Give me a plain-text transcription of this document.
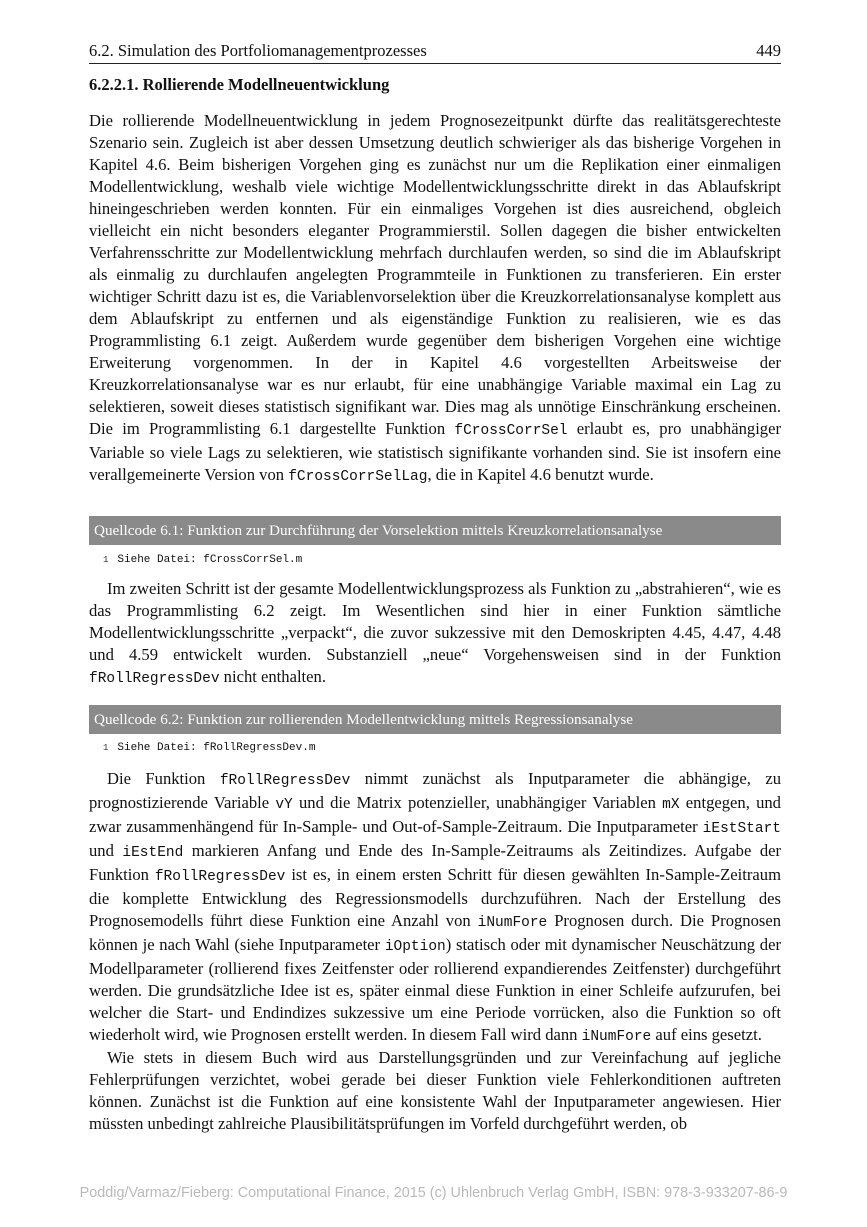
6.2. Simulation des Portfoliomanagementprozesses	449
6.2.2.1. Rollierende Modellneuentwicklung
Die rollierende Modellneuentwicklung in jedem Prognosezeitpunkt dürfte das realitätsgerechteste Szenario sein. Zugleich ist aber dessen Umsetzung deutlich schwieriger als das bisherige Vorgehen in Kapitel 4.6. Beim bisherigen Vorgehen ging es zunächst nur um die Replikation einer einmaligen Modellentwicklung, weshalb viele wichtige Modellentwicklungsschritte direkt in das Ablaufskript hineingeschrieben werden konnten. Für ein einmaliges Vorgehen ist dies ausreichend, obgleich vielleicht ein nicht besonders eleganter Programmierstil. Sollen dagegen die bisher entwickelten Verfahrensschritte zur Modellentwicklung mehrfach durchlaufen werden, so sind die im Ablaufskript als einmalig zu durchlaufen angelegten Programmteile in Funktionen zu transferieren. Ein erster wichtiger Schritt dazu ist es, die Variablenvorselektion über die Kreuzkorrelationsanalyse komplett aus dem Ablaufskript zu entfernen und als eigenständige Funktion zu realisieren, wie es das Programmlisting 6.1 zeigt. Außerdem wurde gegenüber dem bisherigen Vorgehen eine wichtige Erweiterung vorgenommen. In der in Kapitel 4.6 vorgestellten Arbeitsweise der Kreuzkorrelationsanalyse war es nur erlaubt, für eine unabhängige Variable maximal ein Lag zu selektieren, soweit dieses statistisch signifikant war. Dies mag als unnötige Einschränkung erscheinen. Die im Programmlisting 6.1 dargestellte Funktion fCrossCorrSel erlaubt es, pro unabhängiger Variable so viele Lags zu selektieren, wie statistisch signifikante vorhanden sind. Sie ist insofern eine verallgemeinerte Version von fCrossCorrSelLag, die in Kapitel 4.6 benutzt wurde.
Quellcode 6.1: Funktion zur Durchführung der Vorselektion mittels Kreuzkorrelationsanalyse
1 Siehe Datei: fCrossCorrSel.m
Im zweiten Schritt ist der gesamte Modellentwicklungsprozess als Funktion zu „abstrahieren“, wie es das Programmlisting 6.2 zeigt. Im Wesentlichen sind hier in einer Funktion sämtliche Modellentwicklungsschritte „verpackt“, die zuvor sukzessive mit den Demoskripten 4.45, 4.47, 4.48 und 4.59 entwickelt wurden. Substanziell „neue“ Vorgehensweisen sind in der Funktion fRollRegressDev nicht enthalten.
Quellcode 6.2: Funktion zur rollierenden Modellentwicklung mittels Regressionsanalyse
1 Siehe Datei: fRollRegressDev.m
Die Funktion fRollRegressDev nimmt zunächst als Inputparameter die abhängige, zu prognostizierende Variable vY und die Matrix potenzieller, unabhängiger Variablen mX entgegen, und zwar zusammenhängend für In-Sample- und Out-of-Sample-Zeitraum. Die Inputparameter iEstStart und iEstEnd markieren Anfang und Ende des In-Sample-Zeitraums als Zeitindizes. Aufgabe der Funktion fRollRegressDev ist es, in einem ersten Schritt für diesen gewählten In-Sample-Zeitraum die komplette Entwicklung des Regressionsmodells durchzuführen. Nach der Erstellung des Prognosemodells führt diese Funktion eine Anzahl von iNumFore Prognosen durch. Die Prognosen können je nach Wahl (siehe Inputparameter iOption) statisch oder mit dynamischer Neuschätzung der Modellparameter (rollierend fixes Zeitfenster oder rollierend expandierendes Zeitfenster) durchgeführt werden. Die grundsätzliche Idee ist es, später einmal diese Funktion in einer Schleife aufzurufen, bei welcher die Start- und Endindizes sukzessive um eine Periode vorrücken, also die Funktion so oft wiederholt wird, wie Prognosen erstellt werden. In diesem Fall wird dann iNumFore auf eins gesetzt.
Wie stets in diesem Buch wird aus Darstellungsgründen und zur Vereinfachung auf jegliche Fehlerprüfungen verzichtet, wobei gerade bei dieser Funktion viele Fehlerkonditionen auftreten können. Zunächst ist die Funktion auf eine konsistente Wahl der Inputparameter angewiesen. Hier müssten unbedingt zahlreiche Plausibilitätsprüfungen im Vorfeld durchgeführt werden, ob
Poddig/Varmaz/Fieberg: Computational Finance, 2015 (c) Uhlenbruch Verlag GmbH, ISBN: 978-3-933207-86-9
